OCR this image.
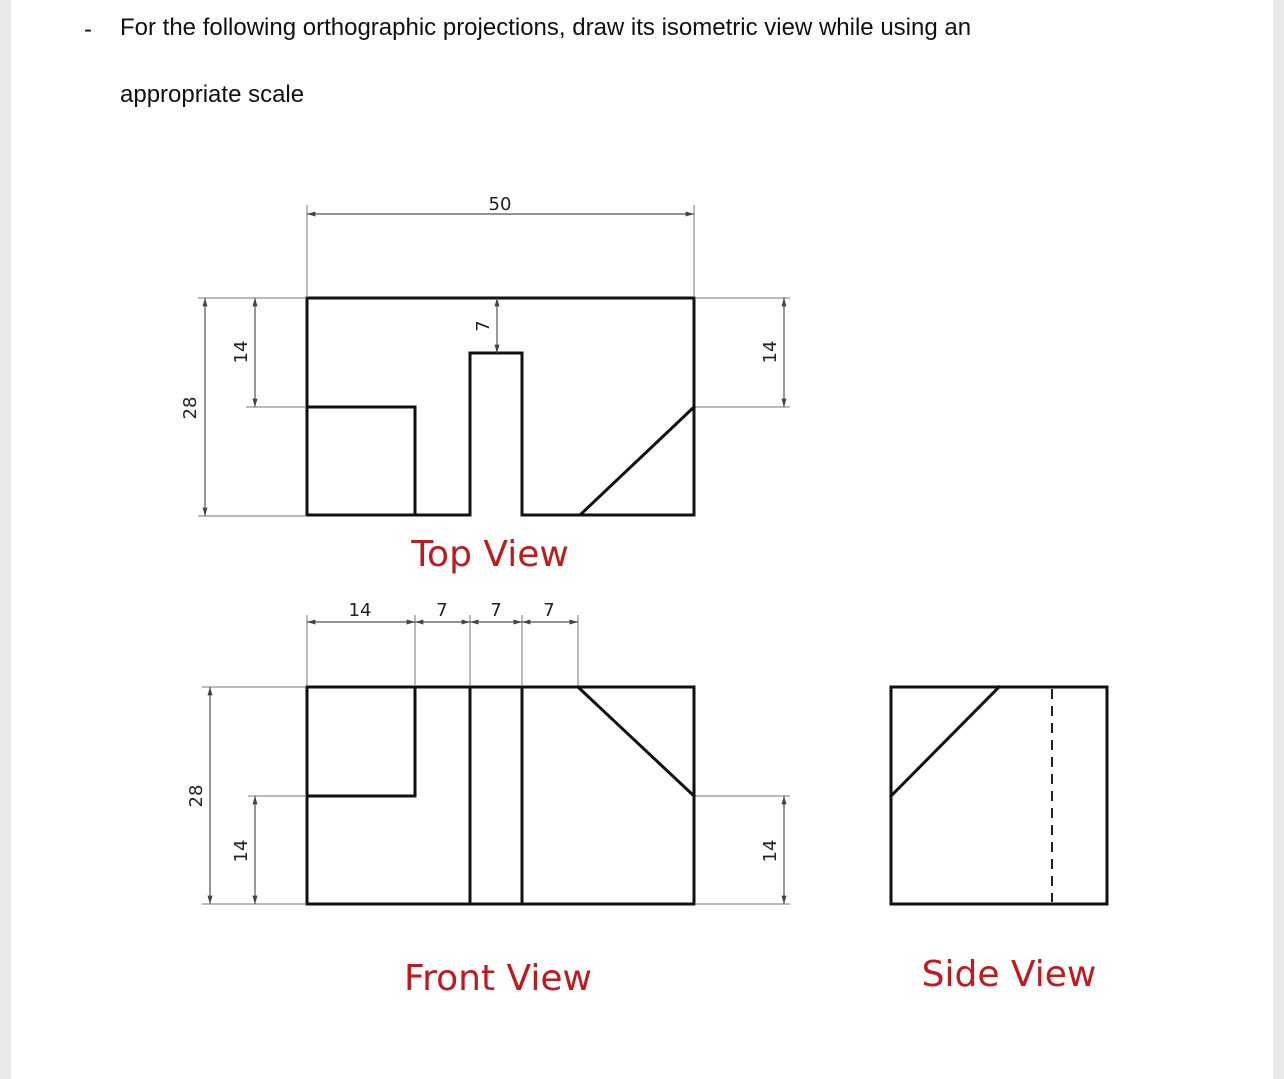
- For the following orthographic projections, draw its isometric view while using an
appropriate scale
50
28
14
7
14
Top View
14	7 7 7
28
14	14
Front View	Side View
